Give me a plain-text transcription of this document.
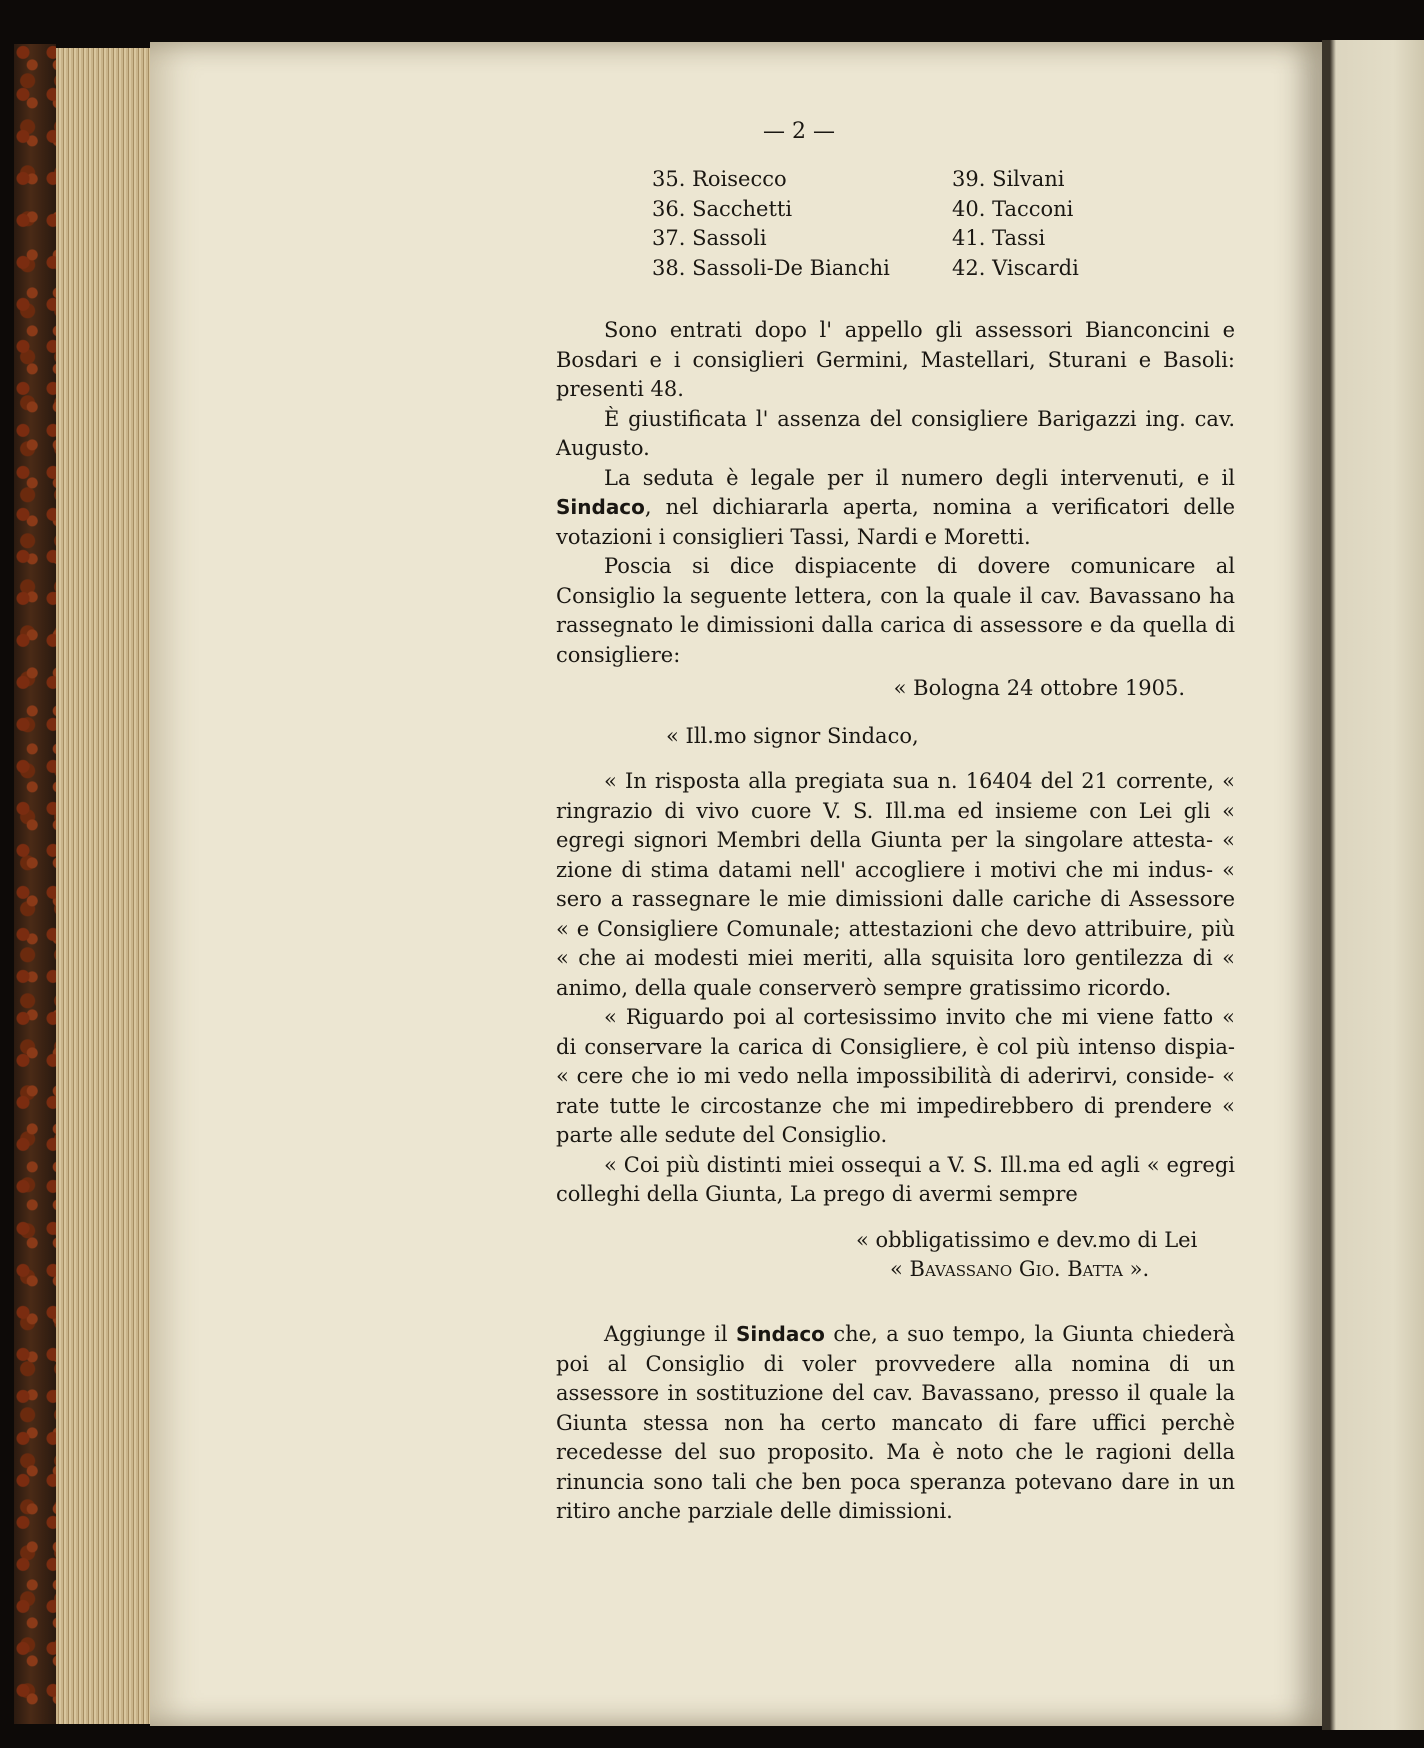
— 2 —
35. Roisecco
36. Sacchetti
37. Sassoli
38. Sassoli-De Bianchi
39. Silvani
40. Tacconi
41. Tassi
42. Viscardi

Sono entrati dopo l' appello gli assessori Bianconcini e Bosdari e i consiglieri Germini, Mastellari, Sturani e Basoli: presenti 48.

È giustificata l' assenza del consigliere Barigazzi ing. cav. Augusto.

La seduta è legale per il numero degli intervenuti, e il Sindaco, nel dichiararla aperta, nomina a verificatori delle votazioni i consiglieri Tassi, Nardi e Moretti.

Poscia si dice dispiacente di dovere comunicare al Consiglio la seguente lettera, con la quale il cav. Bavassano ha rassegnato le dimissioni dalla carica di assessore e da quella di consigliere:

« Bologna 24 ottobre 1905.

« Ill.mo signor Sindaco,

« In risposta alla pregiata sua n. 16404 del 21 corrente, « ringrazio di vivo cuore V. S. Ill.ma ed insieme con Lei gli « egregi signori Membri della Giunta per la singolare attesta- « zione di stima datami nell' accogliere i motivi che mi indus- « sero a rassegnare le mie dimissioni dalle cariche di Assessore « e Consigliere Comunale; attestazioni che devo attribuire, più « che ai modesti miei meriti, alla squisita loro gentilezza di « animo, della quale conserverò sempre gratissimo ricordo.

« Riguardo poi al cortesissimo invito che mi viene fatto « di conservare la carica di Consigliere, è col più intenso dispia- « cere che io mi vedo nella impossibilità di aderirvi, conside- « rate tutte le circostanze che mi impedirebbero di prendere « parte alle sedute del Consiglio.

« Coi più distinti miei ossequi a V. S. Ill.ma ed agli « egregi colleghi della Giunta, La prego di avermi sempre

« obbligatissimo e dev.mo di Lei

« Bavassano Gio. Batta ».

Aggiunge il Sindaco che, a suo tempo, la Giunta chiederà poi al Consiglio di voler provvedere alla nomina di un assessore in sostituzione del cav. Bavassano, presso il quale la Giunta stessa non ha certo mancato di fare uffici perchè recedesse del suo proposito. Ma è noto che le ragioni della rinuncia sono tali che ben poca speranza potevano dare in un ritiro anche parziale delle dimissioni.
